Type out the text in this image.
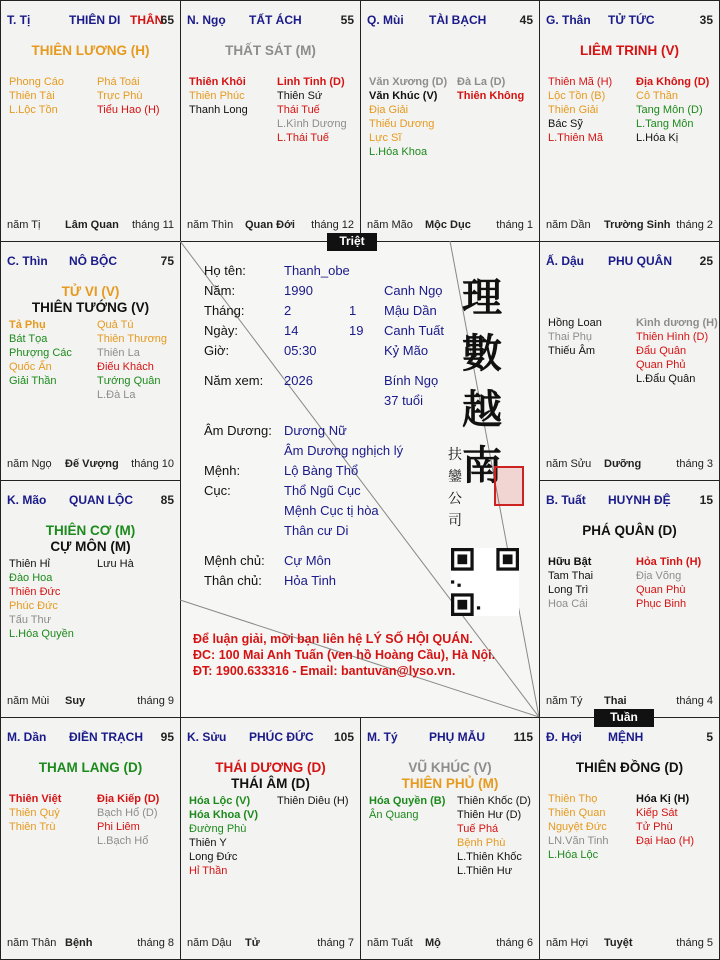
T. Tị	THIÊN DI THÂN
65
THIÊN LƯƠNG (H)
Phong Cáo
Thiên Tài
L.Lộc Tồn
Phá Toái
Trực Phù
Tiểu Hao (H)
năm Tị Lâm Quan tháng 11
N. Ngọ TẤT ÁCH	55
THẤT SÁT (M)
Thiên Khôi
Thiên Phúc
Thanh Long
Linh Tinh (D)
Thiên Sứ
Thái Tuế
L.Kình Dương
L.Thái Tuế
năm Thìn Quan Đới tháng 12
Q. Mùi TÀI BẠCH	45
Văn Xương (D)
Văn Khúc (V)
Địa Giải
Thiếu Dương
Lực Sĩ
L.Hóa Khoa
Đà La (D)
Thiên Không
năm Mão Mộc Dục tháng 1
G. Thân TỬ TỨC	35
LIÊM TRINH (V)
Thiên Mã (H)
Lộc Tồn (B)
Thiên Giải
Bác Sỹ
L.Thiên Mã
Địa Không (D)
Cô Thần
Tang Môn (D)
L.Tang Môn
L.Hóa Kị
năm Dần Trường Sinh tháng 2
C. Thìn NÔ BỘC	75
TỬ VI (V)
THIÊN TƯỚNG (V)
Tả Phụ
Bát Tọa
Phượng Các
Quốc Ấn
Giải Thần
Quả Tú
Thiên Thương
Thiên La
Điếu Khách
Tướng Quân
L.Đà La
năm Ngọ Đế Vượng tháng 10
Ấ. Dậu PHU QUÂN 25
Hồng Loan
Thai Phụ
Thiếu Âm
Kình dương (H)
Thiên Hình (D)
Đẩu Quân
Quan Phủ
L.Đẩu Quân
năm Sửu Dưỡng	tháng 3
K. Mão QUAN LỘC 85
THIÊN CƠ (M)
CỰ MÔN (M)
Thiên Hỉ
Đào Hoa
Thiên Đức
Phúc Đức
Tấu Thư
L.Hóa Quyền
Lưu Hà
năm Mùi Suy	tháng 9
B. Tuất HUYNH ĐỆ 15
PHÁ QUÂN (D)
Hữu Bật
Tam Thai
Long Trì
Hoa Cái
Hỏa Tinh (H)
Địa Võng
Quan Phù
Phục Binh
năm Tý Thai	tháng 4
M. Dần ĐIỀN TRẠCH 95
THAM LANG (D)
Thiên Việt
Thiên Quý
Thiên Trù
Địa Kiếp (D)
Bạch Hổ (D)
Phi Liêm
L.Bạch Hổ
năm Thân Bệnh	tháng 8
K. Sửu PHÚC ĐỨC 105
THÁI DƯƠNG (D)
THÁI ÂM (D)
Hóa Lộc (V)
Hóa Khoa (V)
Đường Phù
Thiên Y
Long Đức
Hỉ Thần
Thiên Diêu (H)
năm Dậu Tử	tháng 7
M. Tý	PHỤ MẪU 115
VŨ KHÚC (V)
THIÊN PHỦ (M)
Hóa Quyền (B)
Ân Quang
Thiên Khốc (D)
Thiên Hư (D)
Tuế Phá
Bệnh Phù
L.Thiên Khốc
L.Thiên Hư
năm Tuất Mộ	tháng 6
Đ. Hợi MỆNH	5
THIÊN ĐỒNG (D)
Thiên Thọ
Thiên Quan
Nguyệt Đức
LN.Văn Tinh
L.Hóa Lộc
Hóa Kị (H)
Kiếp Sát
Tử Phù
Đại Hao (H)
năm Hợi Tuyệt	tháng 5
Họ tên:	Thanh_obe
Năm:	1990	Canh Ngọ
Tháng:	2	1 Mậu Dần
Ngày:	14	19 Canh Tuất
Giờ:	05:30	Kỷ Mão
Năm xem: 2026	Bính Ngọ
37 tuổi
Âm Dương: Dương Nữ
Âm Dương nghịch lý
Mệnh:	Lộ Bàng Thổ
Cục:	Thổ Ngũ Cục
Mệnh Cục tị hòa
Thân cư Di
Mệnh chủ: Cự Môn
Thân chủ: Hỏa Tinh
理
數
越
南
扶
鑾
公
司
Để luận giải, mời bạn liên hệ LÝ SỐ HỘI QUÁN.
ĐC: 100 Mai Anh Tuấn (ven hồ Hoàng Cầu), Hà Nội.
ĐT: 1900.633316 - Email: bantuvan@lyso.vn.
Triệt
Tuần
